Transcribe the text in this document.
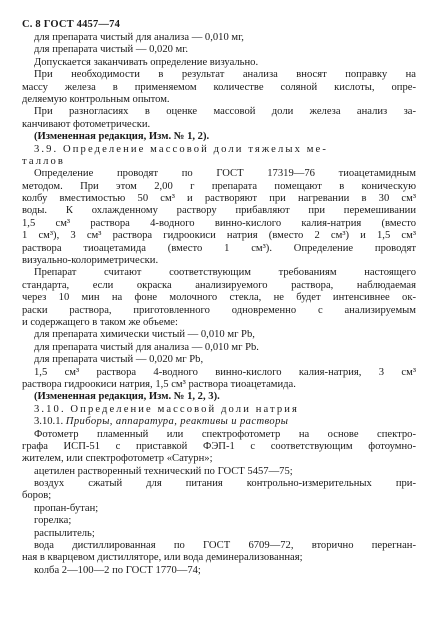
С. 8 ГОСТ 4457—74
для препарата чистый для анализа — 0,010 мг,
для препарата чистый — 0,020 мг.
Допускается заканчивать определение визуально.
При необходимости в результат анализа вносят поправку на
массу железа в применяемом количестве соляной кислоты, опре-
деляемую контрольным опытом.
При разногласиях в оценке массовой доли железа анализ за-
канчивают фотометрически.
(Измененная редакция, Изм. № 1, 2).
3.9. Определение массовой доли тяжелых ме-
таллов
Определение проводят по ГОСТ 17319—76 тиоацетамидным
методом. При этом 2,00 г препарата помещают в коническую
колбу вместимостью 50 см³ и растворяют при нагревании в 30 см³
воды. К охлажденному раствору прибавляют при перемешивании
1,5 см³ раствора 4-водного винно-кислого калия-натрия (вместо
1 см³), 3 см³ раствора гидроокиси натрия (вместо 2 см³) и 1,5 см³
раствора тиоацетамида (вместо 1 см³). Определение проводят
визуально-колориметрически.
Препарат считают соответствующим требованиям настоящего
стандарта, если окраска анализируемого раствора, наблюдаемая
через 10 мин на фоне молочного стекла, не будет интенсивнее ок-
раски раствора, приготовленного одновременно с анализируемым
и содержащего в таком же объеме:
для препарата химически чистый — 0,010 мг Pb,
для препарата чистый для анализа — 0,010 мг Pb.
для препарата чистый — 0,020 мг Pb,
1,5 см³ раствора 4-водного винно-кислого калия-натрия, 3 см³
раствора гидроокиси натрия, 1,5 см³ раствора тиоацетамида.
(Измененная редакция, Изм. № 1, 2, 3).
3.10. Определение массовой доли натрия
3.10.1. Приборы, аппаратура, реактивы и растворы
Фотометр пламенный или спектрофотометр на основе спектро-
графа ИСП-51 с приставкой ФЭП-1 с соответствующим фотоумно-
жителем, или спектрофотометр «Сатурн»;
ацетилен растворенный технический по ГОСТ 5457—75;
воздух сжатый для питания контрольно-измерительных при-
боров;
пропан-бутан;
горелка;
распылитель;
вода дистиллированная по ГОСТ 6709—72, вторично перегнан-
ная в кварцевом дистилляторе, или вода деминерализованная;
колба 2—100—2 по ГОСТ 1770—74;
